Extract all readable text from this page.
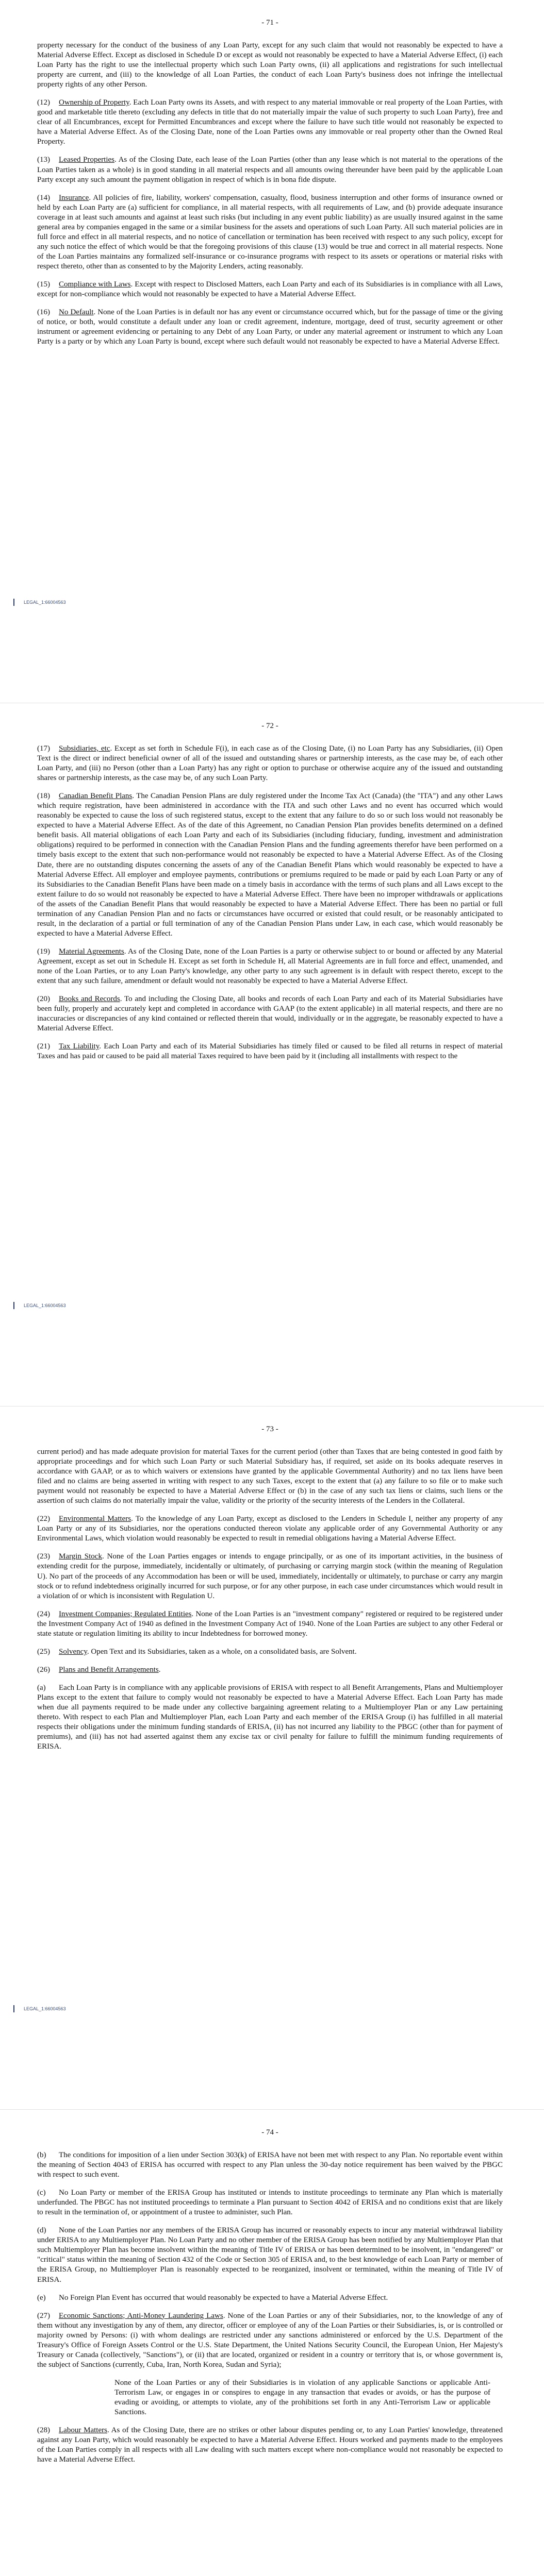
- 71 -

property necessary for the conduct of the business of any Loan Party, except for any such claim that would not reasonably be expected to have a Material Adverse Effect. Except as disclosed in Schedule D or except as would not reasonably be expected to have a Material Adverse Effect, (i) each Loan Party has the right to use the intellectual property which such Loan Party owns, (ii) all applications and registrations for such intellectual property are current, and (iii) to the knowledge of all Loan Parties, the conduct of each Loan Party's business does not infringe the intellectual property rights of any other Person.

(12) Ownership of Property. Each Loan Party owns its Assets, and with respect to any material immovable or real property of the Loan Parties, with good and marketable title thereto (excluding any defects in title that do not materially impair the value of such property to such Loan Party), free and clear of all Encumbrances, except for Permitted Encumbrances and except where the failure to have such title would not reasonably be expected to have a Material Adverse Effect. As of the Closing Date, none of the Loan Parties owns any immovable or real property other than the Owned Real Property.

(13) Leased Properties. As of the Closing Date, each lease of the Loan Parties (other than any lease which is not material to the operations of the Loan Parties taken as a whole) is in good standing in all material respects and all amounts owing thereunder have been paid by the applicable Loan Party except any such amount the payment obligation in respect of which is in bona fide dispute.

(14) Insurance. All policies of fire, liability, workers' compensation, casualty, flood, business interruption and other forms of insurance owned or held by each Loan Party are (a) sufficient for compliance, in all material respects, with all requirements of Law, and (b) provide adequate insurance coverage in at least such amounts and against at least such risks (but including in any event public liability) as are usually insured against in the same general area by companies engaged in the same or a similar business for the assets and operations of such Loan Party. All such material policies are in full force and effect in all material respects, and no notice of cancellation or termination has been received with respect to any such policy, except for any such notice the effect of which would be that the foregoing provisions of this clause (13) would be true and correct in all material respects. None of the Loan Parties maintains any formalized self-insurance or co-insurance programs with respect to its assets or operations or material risks with respect thereto, other than as consented to by the Majority Lenders, acting reasonably.

(15) Compliance with Laws. Except with respect to Disclosed Matters, each Loan Party and each of its Subsidiaries is in compliance with all Laws, except for non-compliance which would not reasonably be expected to have a Material Adverse Effect.

(16) No Default. None of the Loan Parties is in default nor has any event or circumstance occurred which, but for the passage of time or the giving of notice, or both, would constitute a default under any loan or credit agreement, indenture, mortgage, deed of trust, security agreement or other instrument or agreement evidencing or pertaining to any Debt of any Loan Party, or under any material agreement or instrument to which any Loan Party is a party or by which any Loan Party is bound, except where such default would not reasonably be expected to have a Material Adverse Effect.

LEGAL_1:66004563
- 72 -

(17) Subsidiaries, etc. Except as set forth in Schedule F(i), in each case as of the Closing Date, (i) no Loan Party has any Subsidiaries, (ii) Open Text is the direct or indirect beneficial owner of all of the issued and outstanding shares or partnership interests, as the case may be, of each other Loan Party, and (iii) no Person (other than a Loan Party) has any right or option to purchase or otherwise acquire any of the issued and outstanding shares or partnership interests, as the case may be, of any such Loan Party.

(18) Canadian Benefit Plans. The Canadian Pension Plans are duly registered under the Income Tax Act (Canada) (the "ITA") and any other Laws which require registration, have been administered in accordance with the ITA and such other Laws and no event has occurred which would reasonably be expected to cause the loss of such registered status, except to the extent that any failure to do so or such loss would not reasonably be expected to have a Material Adverse Effect. As of the date of this Agreement, no Canadian Pension Plan provides benefits determined on a defined benefit basis. All material obligations of each Loan Party and each of its Subsidiaries (including fiduciary, funding, investment and administration obligations) required to be performed in connection with the Canadian Pension Plans and the funding agreements therefor have been performed on a timely basis except to the extent that such non-performance would not reasonably be expected to have a Material Adverse Effect. As of the Closing Date, there are no outstanding disputes concerning the assets of any of the Canadian Benefit Plans which would reasonably be expected to have a Material Adverse Effect. All employer and employee payments, contributions or premiums required to be made or paid by each Loan Party or any of its Subsidiaries to the Canadian Benefit Plans have been made on a timely basis in accordance with the terms of such plans and all Laws except to the extent failure to do so would not reasonably be expected to have a Material Adverse Effect. There have been no improper withdrawals or applications of the assets of the Canadian Benefit Plans that would reasonably be expected to have a Material Adverse Effect. There has been no partial or full termination of any Canadian Pension Plan and no facts or circumstances have occurred or existed that could result, or be reasonably anticipated to result, in the declaration of a partial or full termination of any of the Canadian Pension Plans under Law, in each case, which would reasonably be expected to have a Material Adverse Effect.

(19) Material Agreements. As of the Closing Date, none of the Loan Parties is a party or otherwise subject to or bound or affected by any Material Agreement, except as set out in Schedule H. Except as set forth in Schedule H, all Material Agreements are in full force and effect, unamended, and none of the Loan Parties, or to any Loan Party's knowledge, any other party to any such agreement is in default with respect thereto, except to the extent that any such failure, amendment or default would not reasonably be expected to have a Material Adverse Effect.

(20) Books and Records. To and including the Closing Date, all books and records of each Loan Party and each of its Material Subsidiaries have been fully, properly and accurately kept and completed in accordance with GAAP (to the extent applicable) in all material respects, and there are no inaccuracies or discrepancies of any kind contained or reflected therein that would, individually or in the aggregate, be reasonably expected to have a Material Adverse Effect.

(21) Tax Liability. Each Loan Party and each of its Material Subsidiaries has timely filed or caused to be filed all returns in respect of material Taxes and has paid or caused to be paid all material Taxes required to have been paid by it (including all installments with respect to the

LEGAL_1:66004563
- 73 -

current period) and has made adequate provision for material Taxes for the current period (other than Taxes that are being contested in good faith by appropriate proceedings and for which such Loan Party or such Material Subsidiary has, if required, set aside on its books adequate reserves in accordance with GAAP, or as to which waivers or extensions have granted by the applicable Governmental Authority) and no tax liens have been filed and no claims are being asserted in writing with respect to any such Taxes, except to the extent that (a) any failure to so file or to make such payment would not reasonably be expected to have a Material Adverse Effect or (b) in the case of any such tax liens or claims, such liens or the assertion of such claims do not materially impair the value, validity or the priority of the security interests of the Lenders in the Collateral.

(22) Environmental Matters. To the knowledge of any Loan Party, except as disclosed to the Lenders in Schedule I, neither any property of any Loan Party or any of its Subsidiaries, nor the operations conducted thereon violate any applicable order of any Governmental Authority or any Environmental Laws, which violation would reasonably be expected to result in remedial obligations having a Material Adverse Effect.

(23) Margin Stock. None of the Loan Parties engages or intends to engage principally, or as one of its important activities, in the business of extending credit for the purpose, immediately, incidentally or ultimately, of purchasing or carrying margin stock (within the meaning of Regulation U). No part of the proceeds of any Accommodation has been or will be used, immediately, incidentally or ultimately, to purchase or carry any margin stock or to refund indebtedness originally incurred for such purpose, or for any other purpose, in each case under circumstances which would result in a violation of or which is inconsistent with Regulation U.

(24) Investment Companies; Regulated Entities. None of the Loan Parties is an "investment company" registered or required to be registered under the Investment Company Act of 1940 as defined in the Investment Company Act of 1940. None of the Loan Parties are subject to any other Federal or state statute or regulation limiting its ability to incur Indebtedness for borrowed money.

(25) Solvency. Open Text and its Subsidiaries, taken as a whole, on a consolidated basis, are Solvent.

(26) Plans and Benefit Arrangements.

(a) Each Loan Party is in compliance with any applicable provisions of ERISA with respect to all Benefit Arrangements, Plans and Multiemployer Plans except to the extent that failure to comply would not reasonably be expected to have a Material Adverse Effect. Each Loan Party has made when due all payments required to be made under any collective bargaining agreement relating to a Multiemployer Plan or any Law pertaining thereto. With respect to each Plan and Multiemployer Plan, each Loan Party and each member of the ERISA Group (i) has fulfilled in all material respects their obligations under the minimum funding standards of ERISA, (ii) has not incurred any liability to the PBGC (other than for payment of premiums), and (iii) has not had asserted against them any excise tax or civil penalty for failure to fulfill the minimum funding requirements of ERISA.

LEGAL_1:66004563
- 74 -

(b) The conditions for imposition of a lien under Section 303(k) of ERISA have not been met with respect to any Plan. No reportable event within the meaning of Section 4043 of ERISA has occurred with respect to any Plan unless the 30-day notice requirement has been waived by the PBGC with respect to such event.

(c) No Loan Party or member of the ERISA Group has instituted or intends to institute proceedings to terminate any Plan which is materially underfunded. The PBGC has not instituted proceedings to terminate a Plan pursuant to Section 4042 of ERISA and no conditions exist that are likely to result in the termination of, or appointment of a trustee to administer, such Plan.

(d) None of the Loan Parties nor any members of the ERISA Group has incurred or reasonably expects to incur any material withdrawal liability under ERISA to any Multiemployer Plan. No Loan Party and no other member of the ERISA Group has been notified by any Multiemployer Plan that such Multiemployer Plan has become insolvent within the meaning of Title IV of ERISA or has been determined to be insolvent, in "endangered" or "critical" status within the meaning of Section 432 of the Code or Section 305 of ERISA and, to the best knowledge of each Loan Party or member of the ERISA Group, no Multiemployer Plan is reasonably expected to be reorganized, insolvent or terminated, within the meaning of Title IV of ERISA.

(e) No Foreign Plan Event has occurred that would reasonably be expected to have a Material Adverse Effect.

(27) Economic Sanctions; Anti-Money Laundering Laws. None of the Loan Parties or any of their Subsidiaries, nor, to the knowledge of any of them without any investigation by any of them, any director, officer or employee of any of the Loan Parties or their Subsidiaries, is, or is controlled or majority owned by Persons: (i) with whom dealings are restricted under any sanctions administered or enforced by the U.S. Department of the Treasury's Office of Foreign Assets Control or the U.S. State Department, the United Nations Security Council, the European Union, Her Majesty's Treasury or Canada (collectively, "Sanctions"), or (ii) that are located, organized or resident in a country or territory that is, or whose government is, the subject of Sanctions (currently, Cuba, Iran, North Korea, Sudan and Syria);

None of the Loan Parties or any of their Subsidiaries is in violation of any applicable Sanctions or applicable Anti-Terrorism Law, or engages in or conspires to engage in any transaction that evades or avoids, or has the purpose of evading or avoiding, or attempts to violate, any of the prohibitions set forth in any Anti-Terrorism Law or applicable Sanctions.

(28) Labour Matters. As of the Closing Date, there are no strikes or other labour disputes pending or, to any Loan Parties' knowledge, threatened against any Loan Party, which would reasonably be expected to have a Material Adverse Effect. Hours worked and payments made to the employees of the Loan Parties comply in all respects with all Law dealing with such matters except where non-compliance would not reasonably be expected to have a Material Adverse Effect.
